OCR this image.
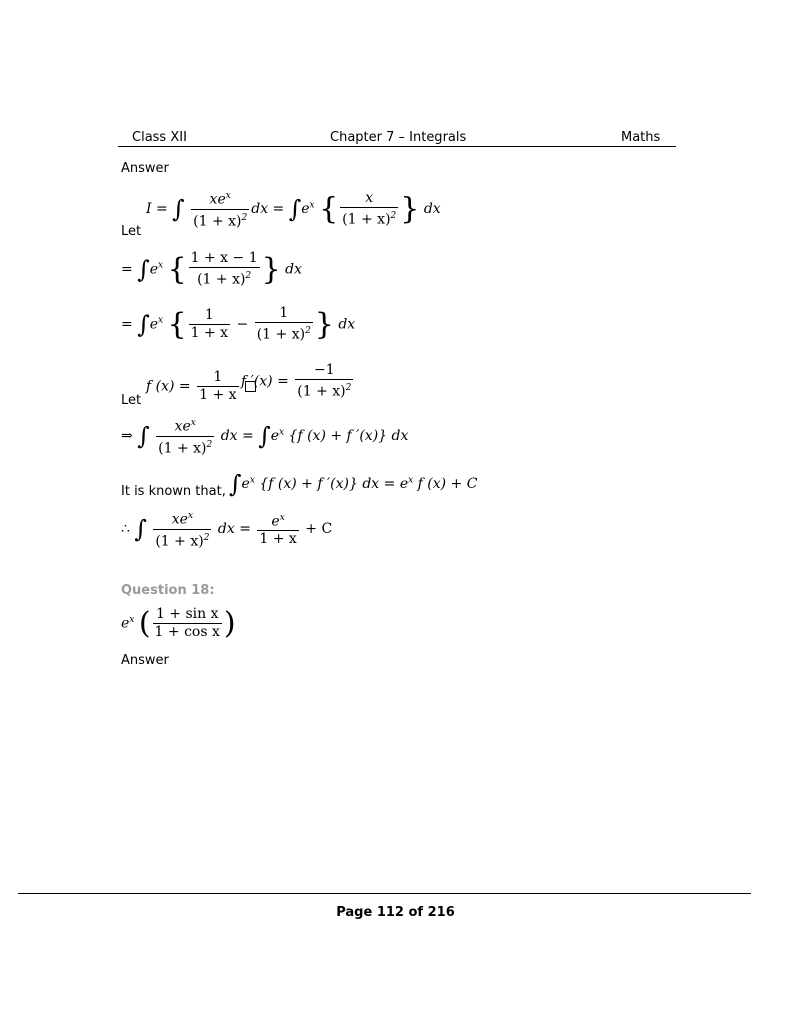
Class XII	Chapter 7 – Integrals	Maths
Answer
I = ∫ $\frac{xe^x}{(1 + x)^2}$ dx = $\int e^x$ { $\frac{x}{(1 + x)^2}$ } dx
Let
= $\int e^x$ { $\frac{1 + x - 1}{(1 + x)^2}$ } dx
= $\int e^x$ { $\frac{1}{1 + x} - \frac{1}{(1 + x)^2}$ } dx
f $(x) = \frac{1}{1 + x}$
f $'(x) = \frac{-1}{(1 + x)^2}$
Let
⇒ ∫ $\frac{xe^x}{(1 + x)^2}$ dx = $\int e^x$ {f (x) + f ′(x)} dx
It is known that, $\int e^x$ {f (x) + f ′(x)} dx = $e^x$ f (x) + C
∴ ∫ $\frac{xe^x}{(1 + x)^2}$ dx = $\frac{e^x}{1 + x} + C$
Question 18:
$e^x$ ( $\frac{\text{1 + sin x}}{\text{1 + cos x}}$ )
Answer
Page 112 of 216
